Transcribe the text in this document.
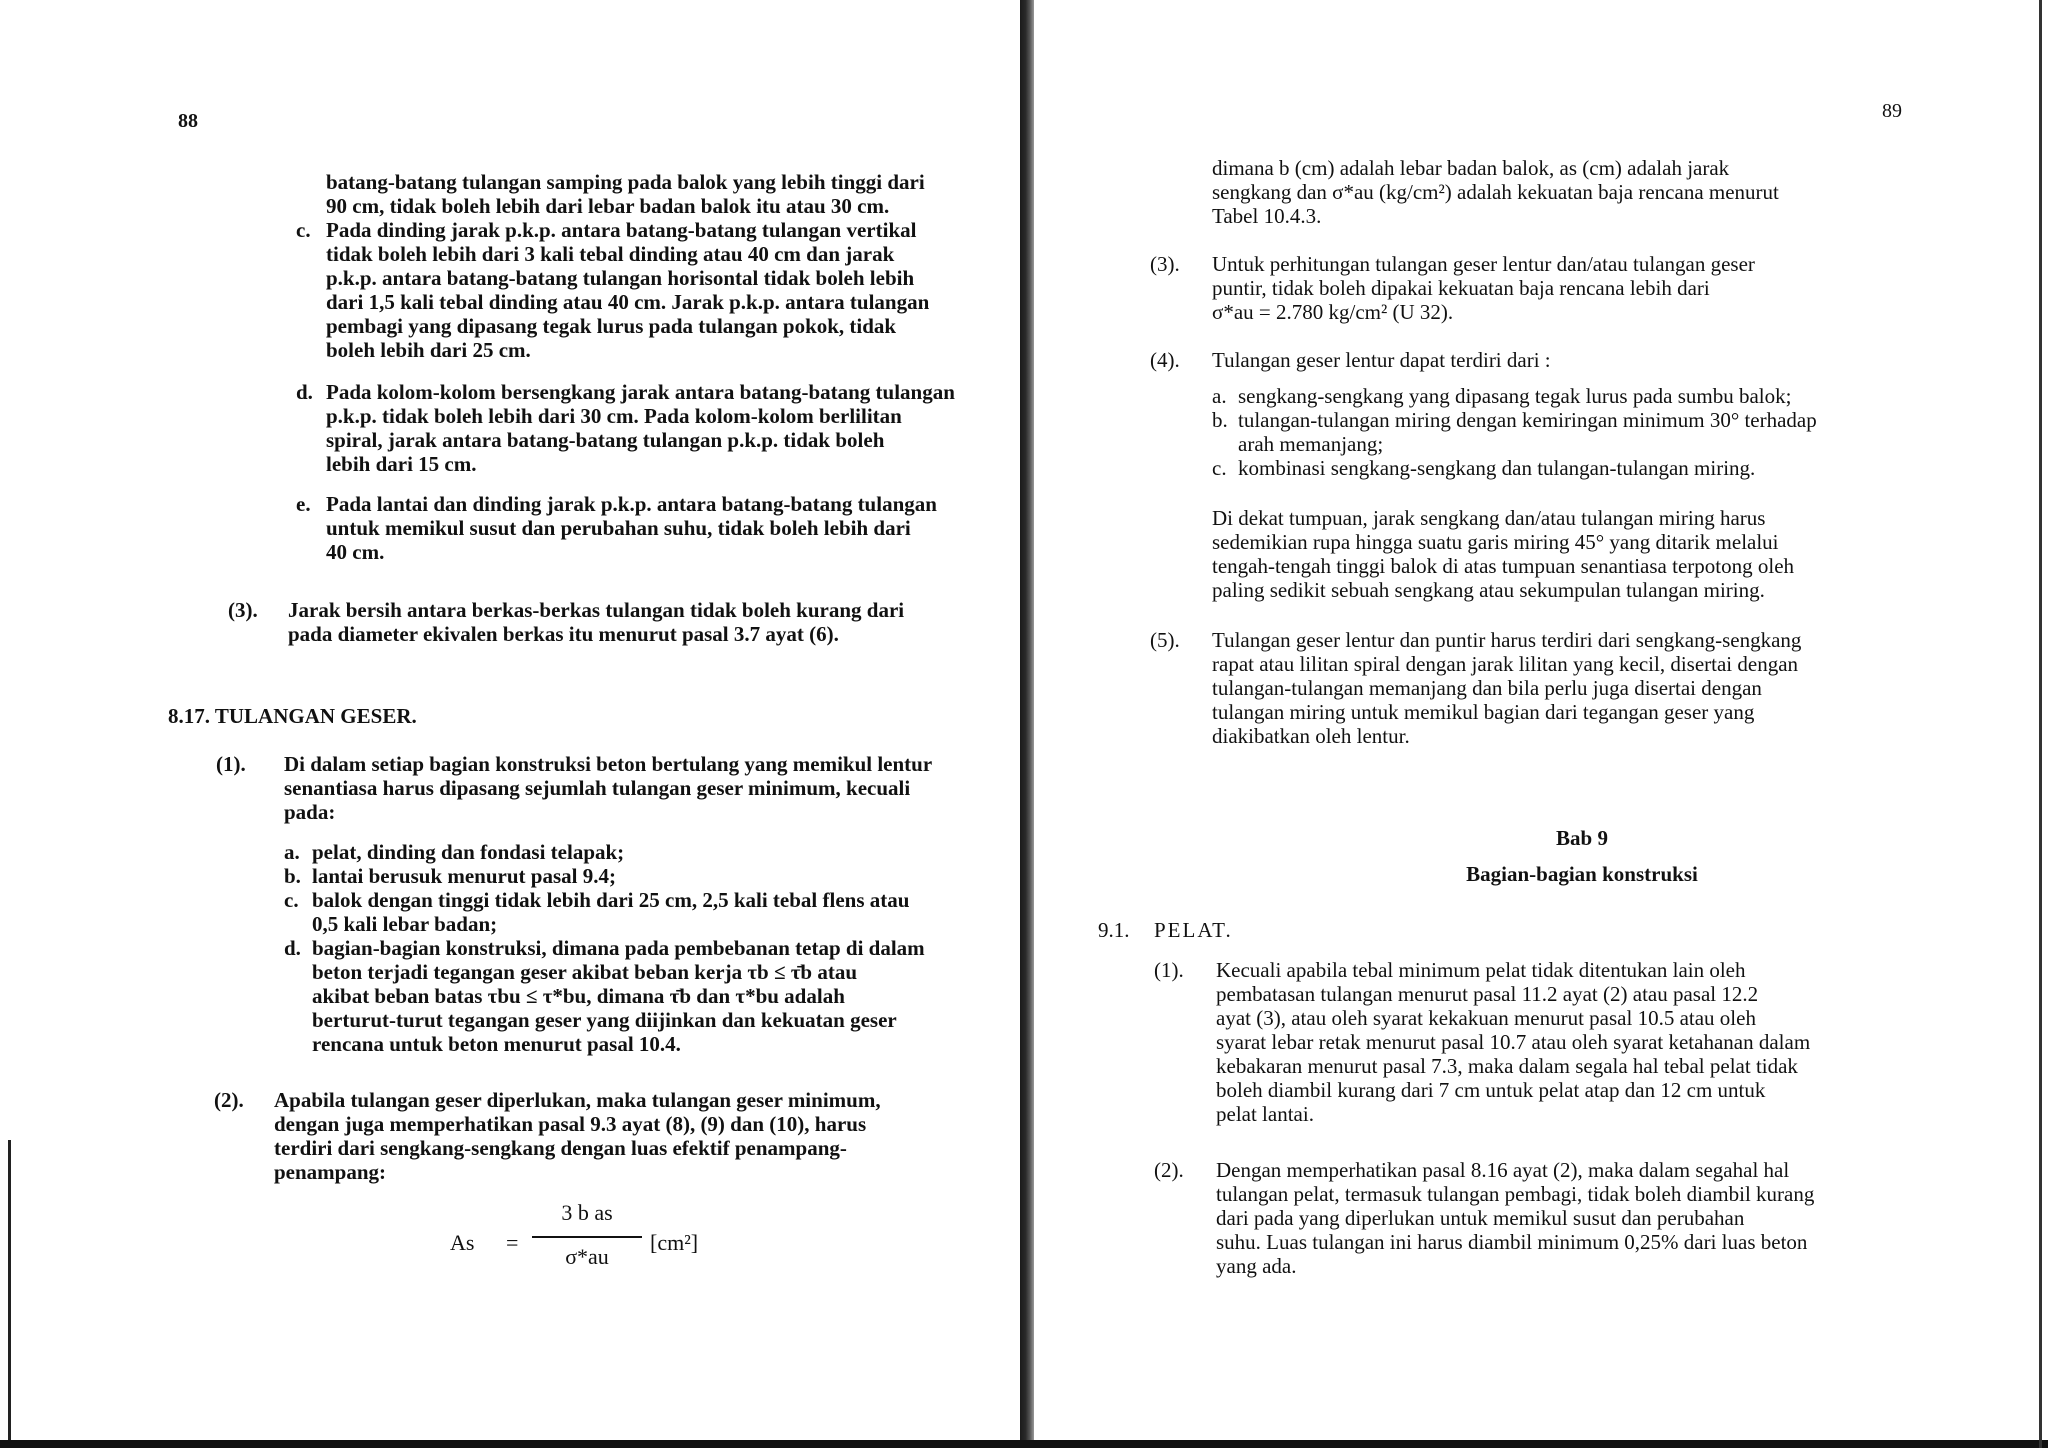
88

batang-batang tulangan samping pada balok yang lebih tinggi dari

90 cm, tidak boleh lebih dari lebar badan balok itu atau 30 cm.

c. Pada dinding jarak p.k.p. antara batang-batang tulangan vertikal

tidak boleh lebih dari 3 kali tebal dinding atau 40 cm dan jarak

p.k.p. antara batang-batang tulangan horisontal tidak boleh lebih

dari 1,5 kali tebal dinding atau 40 cm. Jarak p.k.p. antara tulangan

pembagi yang dipasang tegak lurus pada tulangan pokok, tidak

boleh lebih dari 25 cm.

d. Pada kolom-kolom bersengkang jarak antara batang-batang tulangan

p.k.p. tidak boleh lebih dari 30 cm. Pada kolom-kolom berlilitan

spiral, jarak antara batang-batang tulangan p.k.p. tidak boleh

lebih dari 15 cm.

e. Pada lantai dan dinding jarak p.k.p. antara batang-batang tulangan

untuk memikul susut dan perubahan suhu, tidak boleh lebih dari

40 cm.

(3). Jarak bersih antara berkas-berkas tulangan tidak boleh kurang dari

pada diameter ekivalen berkas itu menurut pasal 3.7 ayat (6).

8.17. TULANGAN GESER.
(1). Di dalam setiap bagian konstruksi beton bertulang yang memikul lentur

senantiasa harus dipasang sejumlah tulangan geser minimum, kecuali

pada:

a. pelat, dinding dan fondasi telapak;

b. lantai berusuk menurut pasal 9.4;

c. balok dengan tinggi tidak lebih dari 25 cm, 2,5 kali tebal flens atau

0,5 kali lebar badan;

d. bagian-bagian konstruksi, dimana pada pembebanan tetap di dalam

beton terjadi tegangan geser akibat beban kerja τb ≤ τ̄b atau

akibat beban batas τbu ≤ τ*bu, dimana τ̄b dan τ*bu adalah

berturut-turut tegangan geser yang diijinkan dan kekuatan geser

rencana untuk beton menurut pasal 10.4.

(2). Apabila tulangan geser diperlukan, maka tulangan geser minimum,

dengan juga memperhatikan pasal 9.3 ayat (8), (9) dan (10), harus

terdiri dari sengkang-sengkang dengan luas efektif penampang-

penampang:

As =
3 b as
σ*au
[cm²]
89

dimana b (cm) adalah lebar badan balok, as (cm) adalah jarak

sengkang dan σ*au (kg/cm²) adalah kekuatan baja rencana menurut

Tabel 10.4.3.

(3). Untuk perhitungan tulangan geser lentur dan/atau tulangan geser

puntir, tidak boleh dipakai kekuatan baja rencana lebih dari

σ*au = 2.780 kg/cm² (U 32).

(4). Tulangan geser lentur dapat terdiri dari :
a. sengkang-sengkang yang dipasang tegak lurus pada sumbu balok;

b. tulangan-tulangan miring dengan kemiringan minimum 30° terhadap

arah memanjang;

c. kombinasi sengkang-sengkang dan tulangan-tulangan miring.

Di dekat tumpuan, jarak sengkang dan/atau tulangan miring harus

sedemikian rupa hingga suatu garis miring 45° yang ditarik melalui

tengah-tengah tinggi balok di atas tumpuan senantiasa terpotong oleh

paling sedikit sebuah sengkang atau sekumpulan tulangan miring.

(5). Tulangan geser lentur dan puntir harus terdiri dari sengkang-sengkang

rapat atau lilitan spiral dengan jarak lilitan yang kecil, disertai dengan

tulangan-tulangan memanjang dan bila perlu juga disertai dengan

tulangan miring untuk memikul bagian dari tegangan geser yang

diakibatkan oleh lentur.

Bab 9
Bagian-bagian konstruksi
9.1. PELAT.
(1). Kecuali apabila tebal minimum pelat tidak ditentukan lain oleh

pembatasan tulangan menurut pasal 11.2 ayat (2) atau pasal 12.2

ayat (3), atau oleh syarat kekakuan menurut pasal 10.5 atau oleh

syarat lebar retak menurut pasal 10.7 atau oleh syarat ketahanan dalam

kebakaran menurut pasal 7.3, maka dalam segala hal tebal pelat tidak

boleh diambil kurang dari 7 cm untuk pelat atap dan 12 cm untuk

pelat lantai.

(2). Dengan memperhatikan pasal 8.16 ayat (2), maka dalam segahal hal

tulangan pelat, termasuk tulangan pembagi, tidak boleh diambil kurang

dari pada yang diperlukan untuk memikul susut dan perubahan

suhu. Luas tulangan ini harus diambil minimum 0,25% dari luas beton

yang ada.
